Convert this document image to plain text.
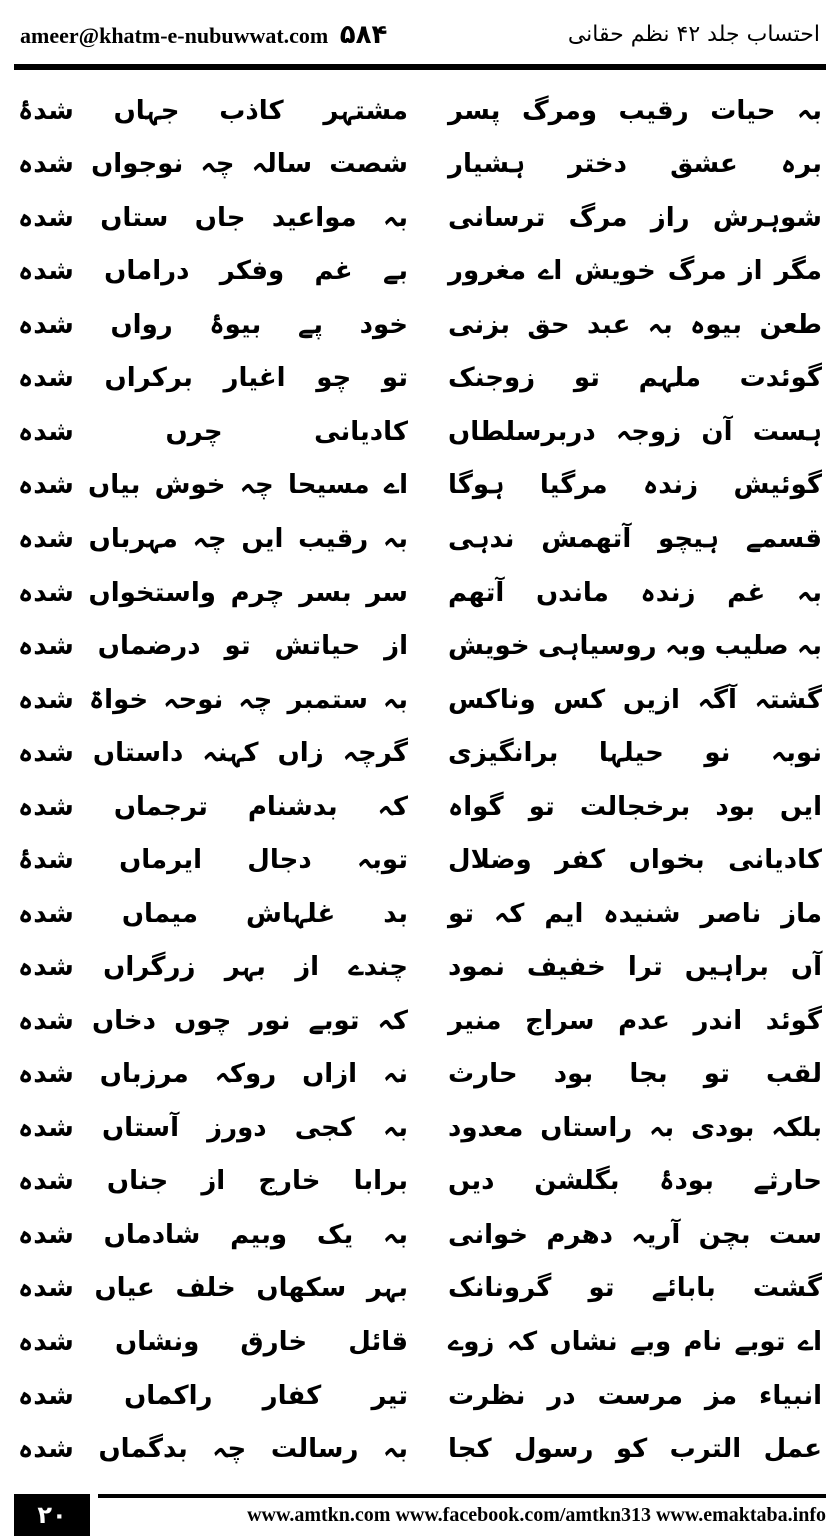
ameer@khatm-e-nubuwwat.com ۵۸۴	احتساب جلد ۴۲ نظم حقانی
بہ
حیات
رقیب
ومرگ
پسر
مشتہر
کاذب
جہاں
شدۂ
برہ
عشق
دختر
ہشیار
شصت
سالہ
چہ
نوجواں
شدہ
شوہرش
راز
مرگ
ترسانی
بہ
مواعید
جاں
ستاں
شدہ
مگر
از
مرگ
خویش
اے
مغرور
بے
غم
وفکر
دراماں
شدہ
طعن
بیوہ
بہ
عبد
حق
بزنی
خود
پے
بیوۂ
رواں
شدہ
گوئدت
ملہم
تو
زوجنک
تو
چو
اغیار
برکراں
شدہ
ہست
آن
زوجہ
دربرسلطاں
کادیانی
چرں
شدہ
گوئیش
زندہ
مرگیا
ہوگا
اے
مسیحا
چہ
خوش
بیاں
شدہ
قسمے
ہیچو
آتھمش
ندہی
بہ
رقیب
ایں
چہ
مہرباں
شدہ
بہ
غم
زندہ
ماندں
آتھم
سر
بسر
چرم
واستخواں
شدہ
بہ
صلیب
وبہ
روسیاہی
خویش
از
حیاتش
تو
درضماں
شدہ
گشتہ
آگہ
ازیں
کس
وناکس
بہ
ستمبر
چہ
نوحہ
خواۃ
شدہ
نوبہ
نو
حیلہا
برانگیزی
گرچہ
زاں
کہنہ
داستاں
شدہ
ایں
بود
برخجالت
تو
گواہ
کہ
بدشنام
ترجماں
شدہ
کادیانی
بخواں
کفر
وضلال
توبہ
دجال
ایرماں
شدۂ
ماز
ناصر
شنیدہ
ایم
کہ
تو
بد
غلہاش
میماں
شدہ
آں
براہیں
ترا
خفیف
نمود
چندے
از
بہر
زرگراں
شدہ
گوئد
اندر
عدم
سراج
منیر
کہ
توبے
نور
چوں
دخاں
شدہ
لقب
تو
بجا
بود
حارث
نہ
ازاں
روکہ
مرزباں
شدہ
بلکہ
بودی
بہ
راستاں
معدود
بہ
کجی
دورز
آستاں
شدہ
حارثے
بودۂ
بگلشن
دیں
برابا
خارج
از
جناں
شدہ
ست
بچن
آریہ
دھرم
خوانی
بہ
یک
وبیم
شادماں
شدہ
گشت
بابائے
تو
گرونانک
بہر
سکھاں
خلف
عیاں
شدہ
اے
توبے
نام
وبے
نشاں
کہ
زوے
قائل
خارق
ونشاں
شدہ
انبیاء
مز
مرست
در
نظرت
تیر
کفار
راکماں
شدہ
عمل
الترب
کو
رسول
کجا
بہ
رسالت
چہ
بدگماں
شدہ
۲۰	www.amtkn.com www.facebook.com/amtkn313 www.emaktaba.info
